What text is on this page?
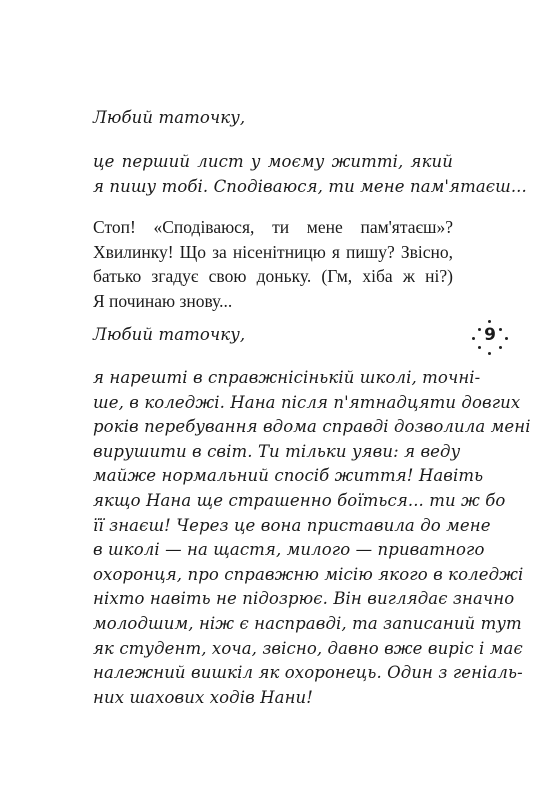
Любий таточку,
це перший лист у моєму житті, який
я пишу тобі. Сподіваюся, ти мене пам'ятаєш...
Стоп! «Сподіваюся, ти мене пам'ятаєш»?
Хвилинку! Що за нісенітницю я пишу? Звісно,
батько згадує свою доньку. (Гм, хіба ж ні?)
Я починаю знову...
Любий таточку,
я нарешті в справжнісінькій школі, точні-
ше, в коледжі. Нана після п'ятнадцяти довгих
років перебування вдома справді дозволила мені
вирушити в світ. Ти тільки уяви: я веду
майже нормальний спосіб життя! Навіть
якщо Нана ще страшенно боїться... ти ж бо
її знаєш! Через це вона приставила до мене
в школі — на щастя, милого — приватного
охоронця, про справжню місію якого в коледжі
ніхто навіть не підозрює. Він виглядає значно
молодшим, ніж є насправді, та записаний тут
як студент, хоча, звісно, давно вже виріс і має
належний вишкіл як охоронець. Один з геніаль-
них шахових ходів Нани!
9
